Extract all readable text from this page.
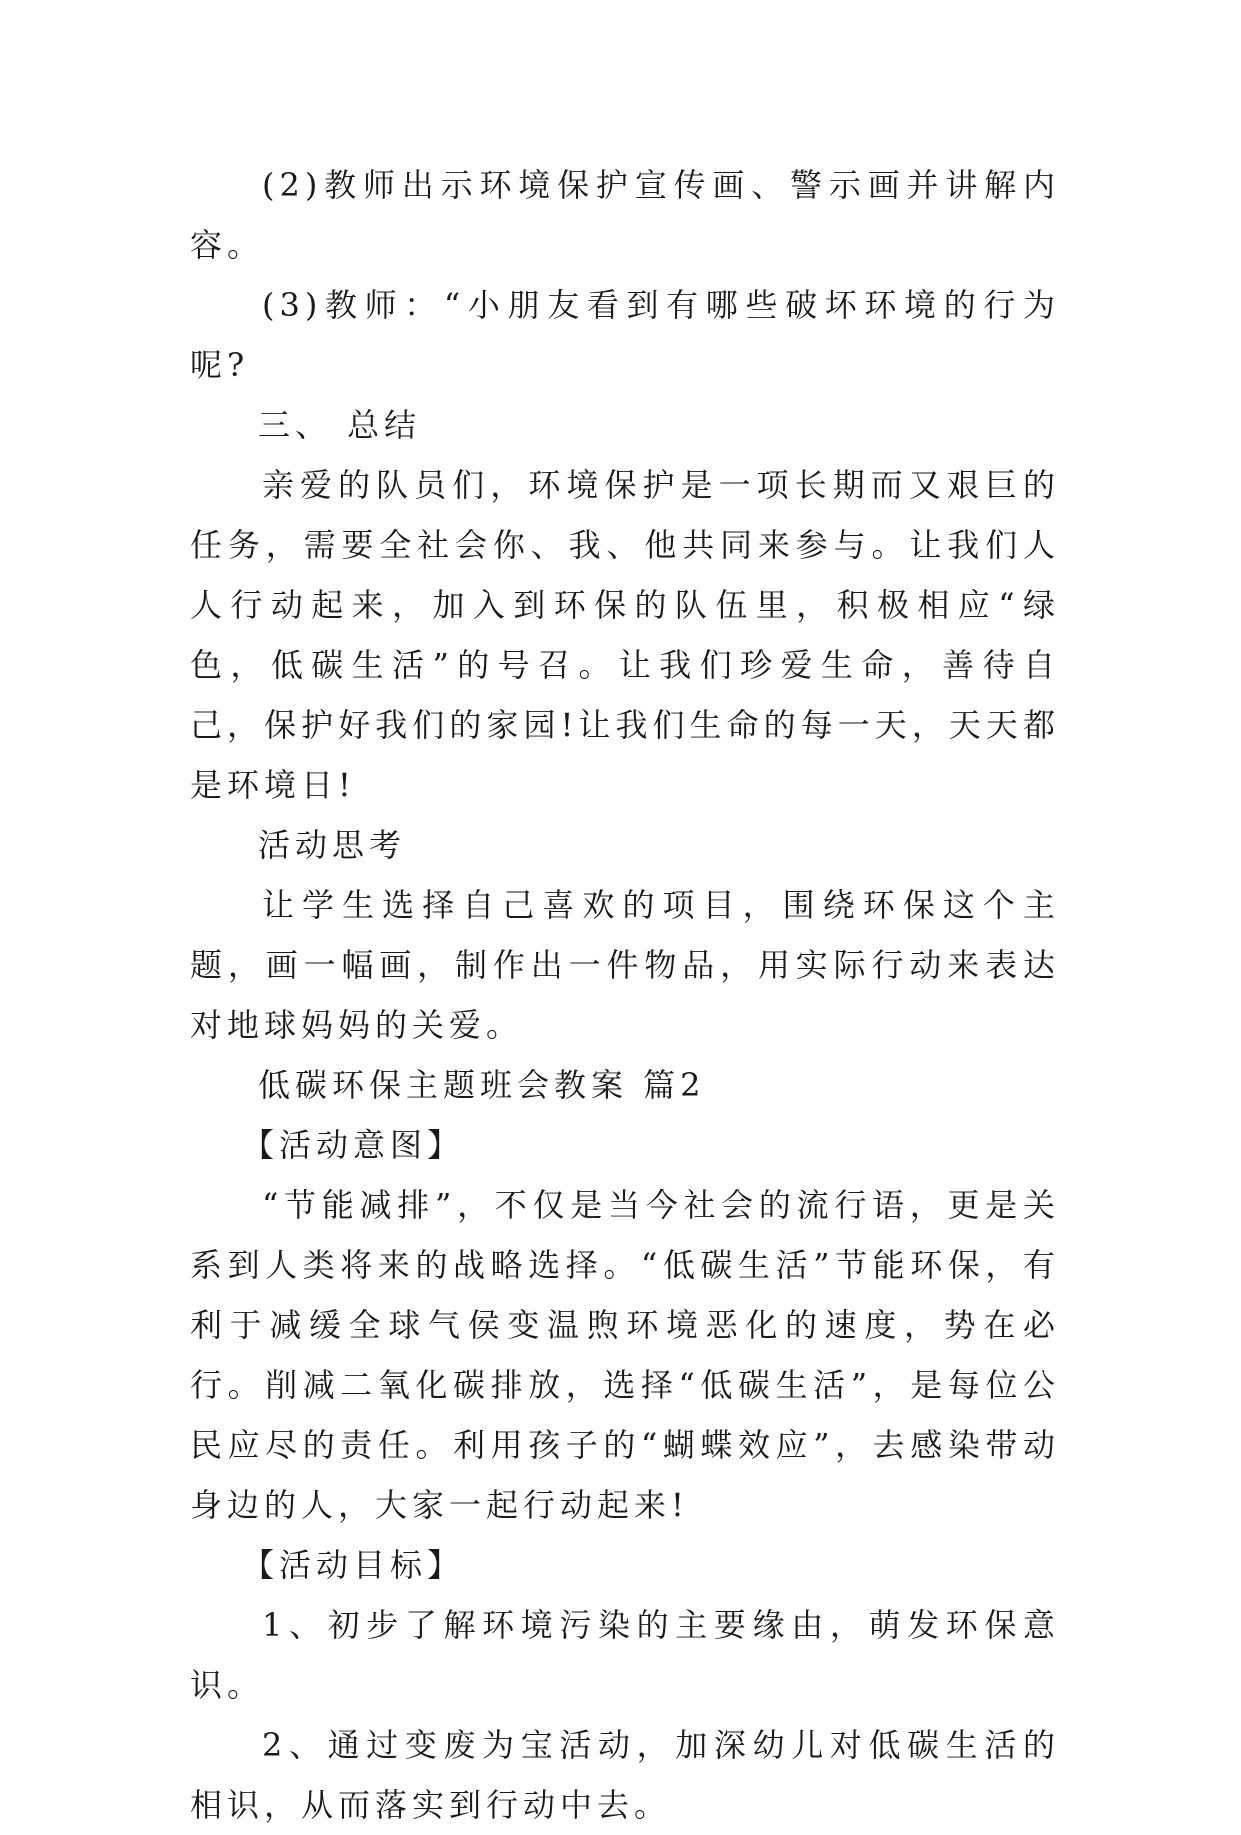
(2)教师出示环境保护宣传画、警示画并讲解内容。

(3)教师：“小朋友看到有哪些破坏环境的行为呢?

三、 总结

亲爱的队员们，环境保护是一项长期而又艰巨的任务，需要全社会你、我、他共同来参与。让我们人人行动起来，加入到环保的队伍里，积极相应“绿色，低碳生活”的号召。让我们珍爱生命，善待自己，保护好我们的家园!让我们生命的每一天，天天都是环境日!

活动思考

让学生选择自己喜欢的项目，围绕环保这个主题，画一幅画，制作出一件物品，用实际行动来表达对地球妈妈的关爱。

低碳环保主题班会教案 篇2

【活动意图】

“节能减排”，不仅是当今社会的流行语，更是关系到人类将来的战略选择。“低碳生活”节能环保，有利于减缓全球气侯变温煦环境恶化的速度，势在必行。削减二氧化碳排放，选择“低碳生活”，是每位公民应尽的责任。利用孩子的“蝴蝶效应”，去感染带动身边的人，大家一起行动起来!

【活动目标】

1、初步了解环境污染的主要缘由，萌发环保意识。

2、通过变废为宝活动，加深幼儿对低碳生活的相识，从而落实到行动中去。
